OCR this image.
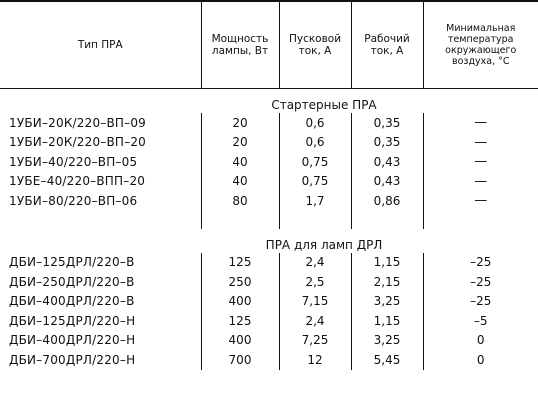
Тип ПРА	Мощность лампы, Вт	Пусковой ток, А	Рабочий ток, А	Минимальная температура окружающего воздуха, °С
Стартерные ПРА				
1УБИ–20К/220–ВП–09	20	0,6	0,35	—
1УБИ–20К/220–ВП–20	20	0,6	0,35	—
1УБИ–40/220–ВП–05	40	0,75	0,43	—
1УБЕ–40/220–ВПП–20	40	0,75	0,43	—
1УБИ–80/220–ВП–06	80	1,7	0,86	—

ПРА для ламп ДРЛ				
ДБИ–125ДРЛ/220–В	125	2,4	1,15	–25
ДБИ–250ДРЛ/220–В	250	2,5	2,15	–25
ДБИ–400ДРЛ/220–В	400	7,15	3,25	–25
ДБИ–125ДРЛ/220–Н	125	2,4	1,15	–5
ДБИ–400ДРЛ/220–Н	400	7,25	3,25	0
ДБИ–700ДРЛ/220–Н	700	12	5,45	0
